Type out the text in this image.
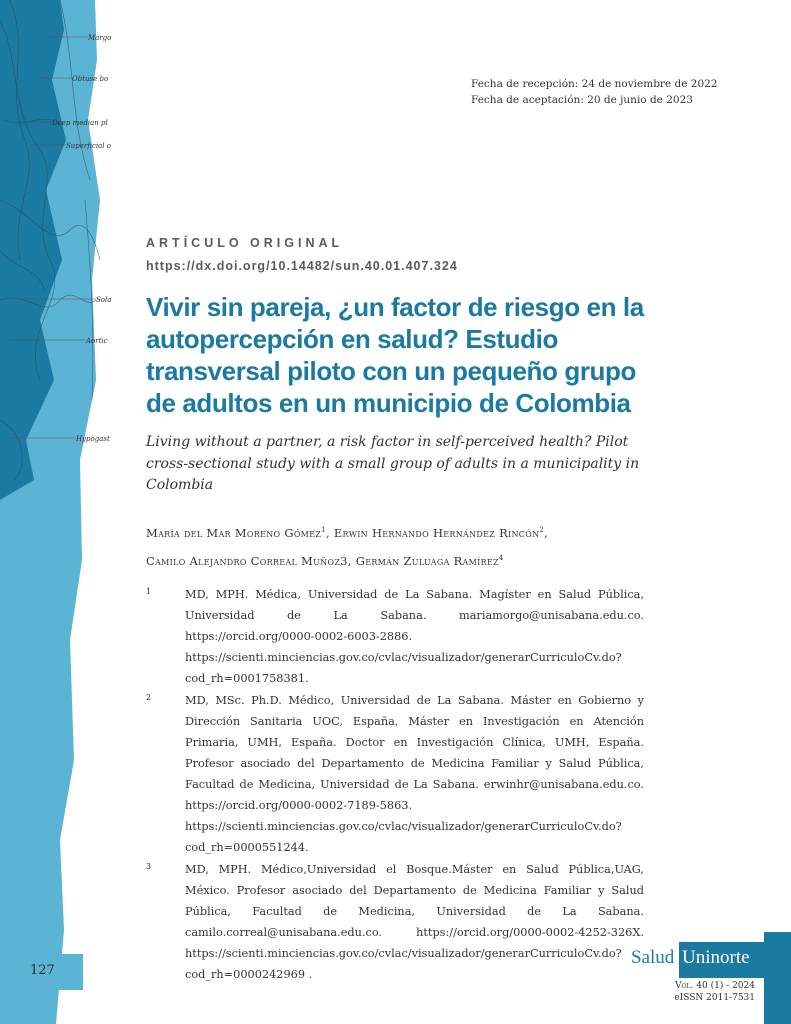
Margo
Obtuse bo
Deep median pl
Superficial o
Sola
Aortic
Hypogast
Fecha de recepción: 24 de noviembre de 2022
Fecha de aceptación: 20 de junio de 2023
ARTÍCULO ORIGINAL
https://dx.doi.org/10.14482/sun.40.01.407.324
Vivir sin pareja, ¿un factor de riesgo en la autopercepción en salud? Estudio transversal piloto con un pequeño grupo de adultos en un municipio de Colombia

Living without a partner, a risk factor in self-perceived health? Pilot cross-sectional study with a small group of adults in a municipality in Colombia

María del Mar Moreno Gómez$^1$, Erwin Hernando Hernández Rincón$^2$,
Camilo Alejandro Correal Muñoz3, Germán Zuluaga Ramírez$^4$
1	MD, MPH. Médica, Universidad de La Sabana. Magíster en Salud Pública, Universidad de La Sabana. mariamorgo@unisabana.edu.co. https://orcid.org/0000-0002-6003-2886. https://scienti.minciencias.gov.co/cvlac/visualizador/generarCurriculoCv.do?cod_rh=0001758381.
2	MD, MSc. Ph.D. Médico, Universidad de La Sabana. Máster en Gobierno y Dirección Sanitaria UOC, España, Máster en Investigación en Atención Primaria, UMH, España. Doctor en Investigación Clínica, UMH, España. Profesor asociado del Departamento de Medicina Familiar y Salud Pública, Facultad de Medicina, Universidad de La Sabana. erwinhr@unisabana.edu.co. https://orcid.org/0000-0002-7189-5863. https://scienti.minciencias.gov.co/cvlac/visualizador/generarCurriculoCv.do?cod_rh=0000551244.
3	MD, MPH. Médico,Universidad el Bosque.Máster en Salud Pública,UAG, México. Profesor asociado del Departamento de Medicina Familiar y Salud Pública, Facultad de Medicina, Universidad de La Sabana. camilo.correal@unisabana.edu.co. https://orcid.org/0000-0002-4252-326X. https://scienti.minciencias.gov.co/cvlac/visualizador/generarCurriculoCv.do?cod_rh=0000242969 .
127
Salud Uninorte
Vol. 40 (1) - 2024
eISSN 2011-7531
